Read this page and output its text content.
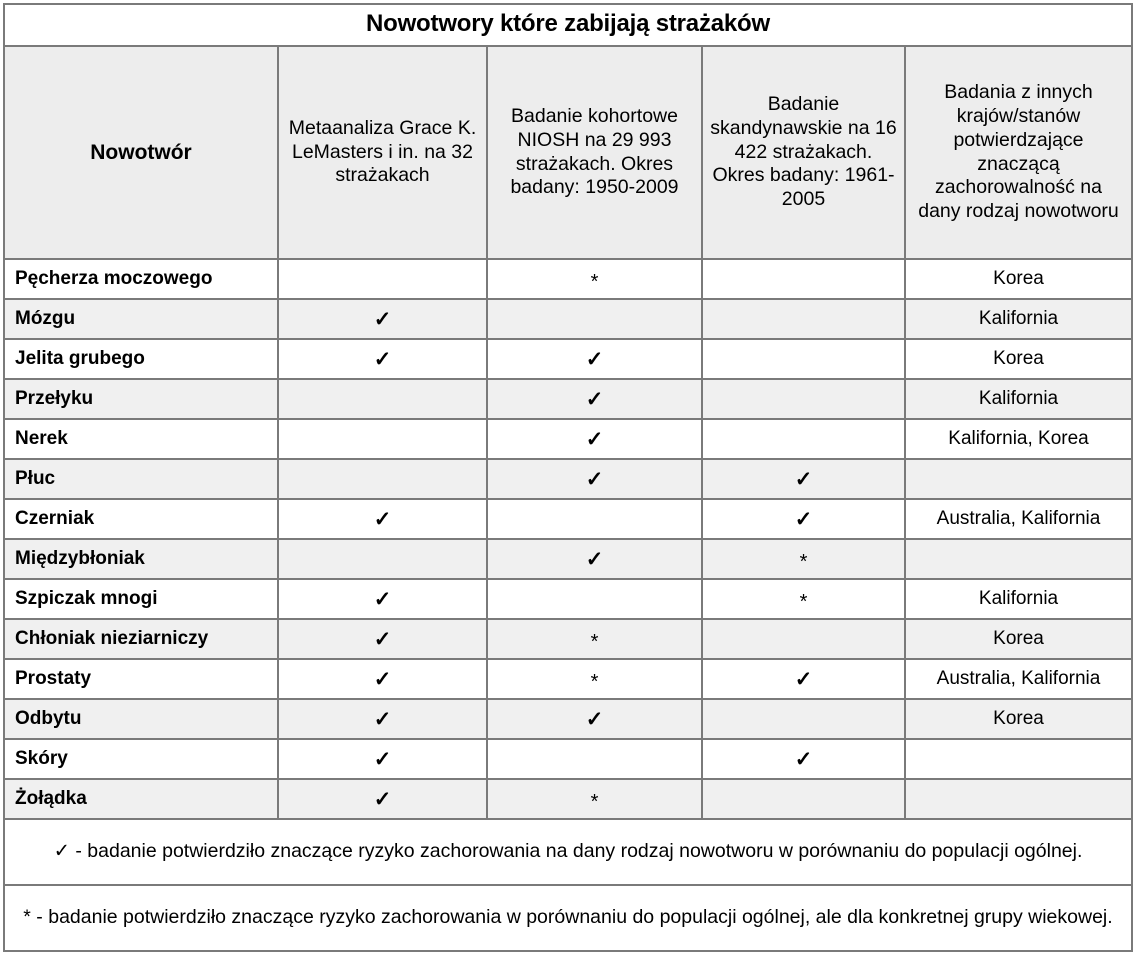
Nowotwory które zabijają strażaków				
Nowotwór	Metaanaliza Grace K. LeMasters i in. na 32 strażakach	Badanie kohortowe NIOSH na 29 993 strażakach. Okres badany: 1950-2009	Badanie skandynawskie na 16 422 strażakach. Okres badany: 1961-2005	Badania z innych krajów/stanów potwierdzające znaczącą zachorowalność na dany rodzaj nowotworu
Pęcherza moczowego		*		Korea
Mózgu	✓			Kalifornia
Jelita grubego	✓	✓		Korea
Przełyku		✓		Kalifornia
Nerek		✓		Kalifornia, Korea
Płuc		✓	✓	
Czerniak	✓		✓	Australia, Kalifornia
Międzybłoniak		✓	*	
Szpiczak mnogi	✓		*	Kalifornia
Chłoniak nieziarniczy	✓	*		Korea
Prostaty	✓	*	✓	Australia, Kalifornia
Odbytu	✓	✓		Korea
Skóry	✓		✓	
Żołądka	✓	*		
✓ - badanie potwierdziło znaczące ryzyko zachorowania na dany rodzaj nowotworu w porównaniu do populacji ogólnej.				
* - badanie potwierdziło znaczące ryzyko zachorowania w porównaniu do populacji ogólnej, ale dla konkretnej grupy wiekowej.				
